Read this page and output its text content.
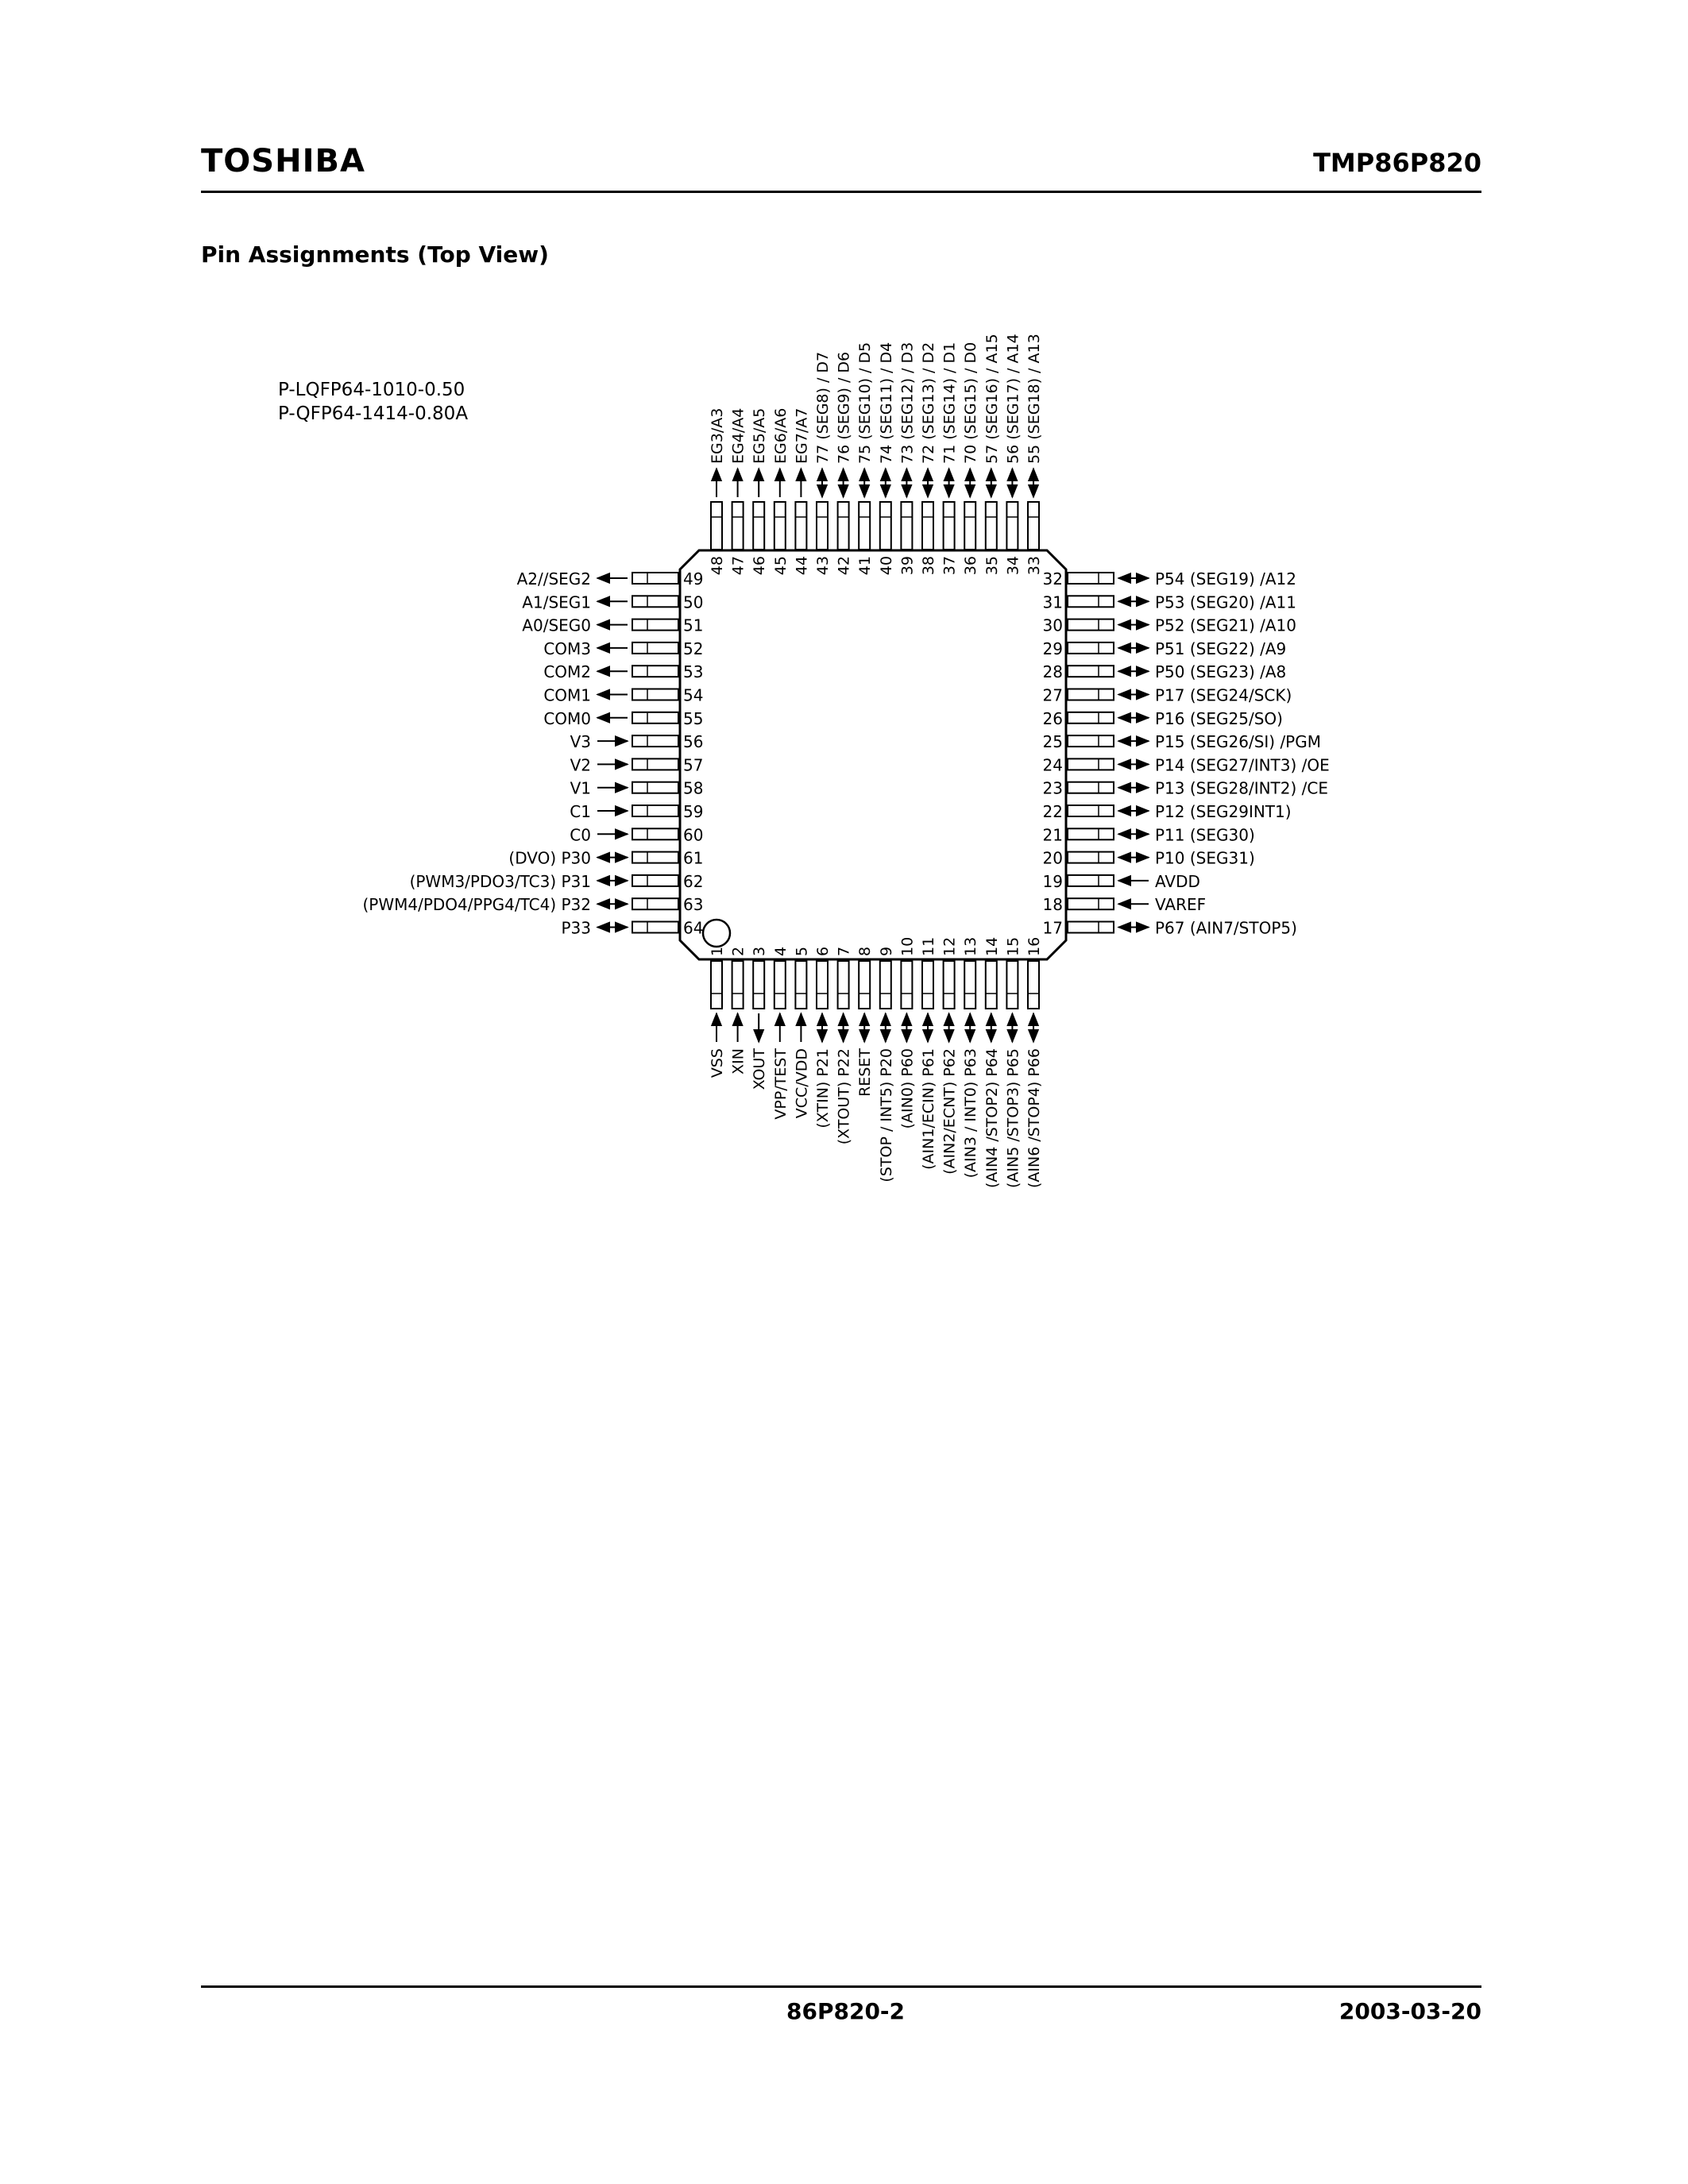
TOSHIBA	TMP86P820
Pin Assignments (Top View)
P-LQFP64-1010-0.50
P-QFP64-1414-0.80A
49
A2//SEG2
50
A1/SEG1
51
A0/SEG0
52
COM3
53
COM2
54
COM1
55
COM0
56
V3
57
V2
58
V1
59
C1
60
C0
61
(DVO) P30
62
(PWM3/PDO3/TC3) P31
63
(PWM4/PDO4/PPG4/TC4) P32
64
P33
32	P54 (SEG19) /A12
31	P53 (SEG20) /A11
30	P52 (SEG21) /A10
29	P51 (SEG22) /A9
28	P50 (SEG23) /A8
27	P17 (SEG24/SCK)
26	P16 (SEG25/SO)
25	P15 (SEG26/SI) /PGM
24	P14 (SEG27/INT3) /OE
23	P13 (SEG28/INT2) /CE
22	P12 (SEG29INT1)
21	P11 (SEG30)
20	P10 (SEG31)
19	AVDD
18	VAREF
17	P67 (AIN7/STOP5)
48
EG3/A3
47
EG4/A4
46
EG5/A5
45
EG6/A6
44
EG7/A7
43
77 (SEG8) / D7
42
76 (SEG9) / D6
41
75 (SEG10) / D5
40
74 (SEG11) / D4
39
73 (SEG12) / D3
38
72 (SEG13) / D2
37
71 (SEG14) / D1
36
70 (SEG15) / D0
35
57 (SEG16) / A15
34
56 (SEG17) / A14
33
55 (SEG18) / A13
1
VSS
2
XIN
3
XOUT
4
VPP/TEST
5
VCC/VDD
6
(XTIN) P21
7
(XTOUT) P22
8
RESET
9
(STOP / INT5) P20
10
(AIN0) P60
11
(AIN1/ECIN) P61
12
(AIN2/ECNT) P62
13
(AIN3 / INT0) P63
14
(AIN4 /STOP2) P64
15
(AIN5 /STOP3) P65
16
(AIN6 /STOP4) P66
86P820-2	2003-03-20
